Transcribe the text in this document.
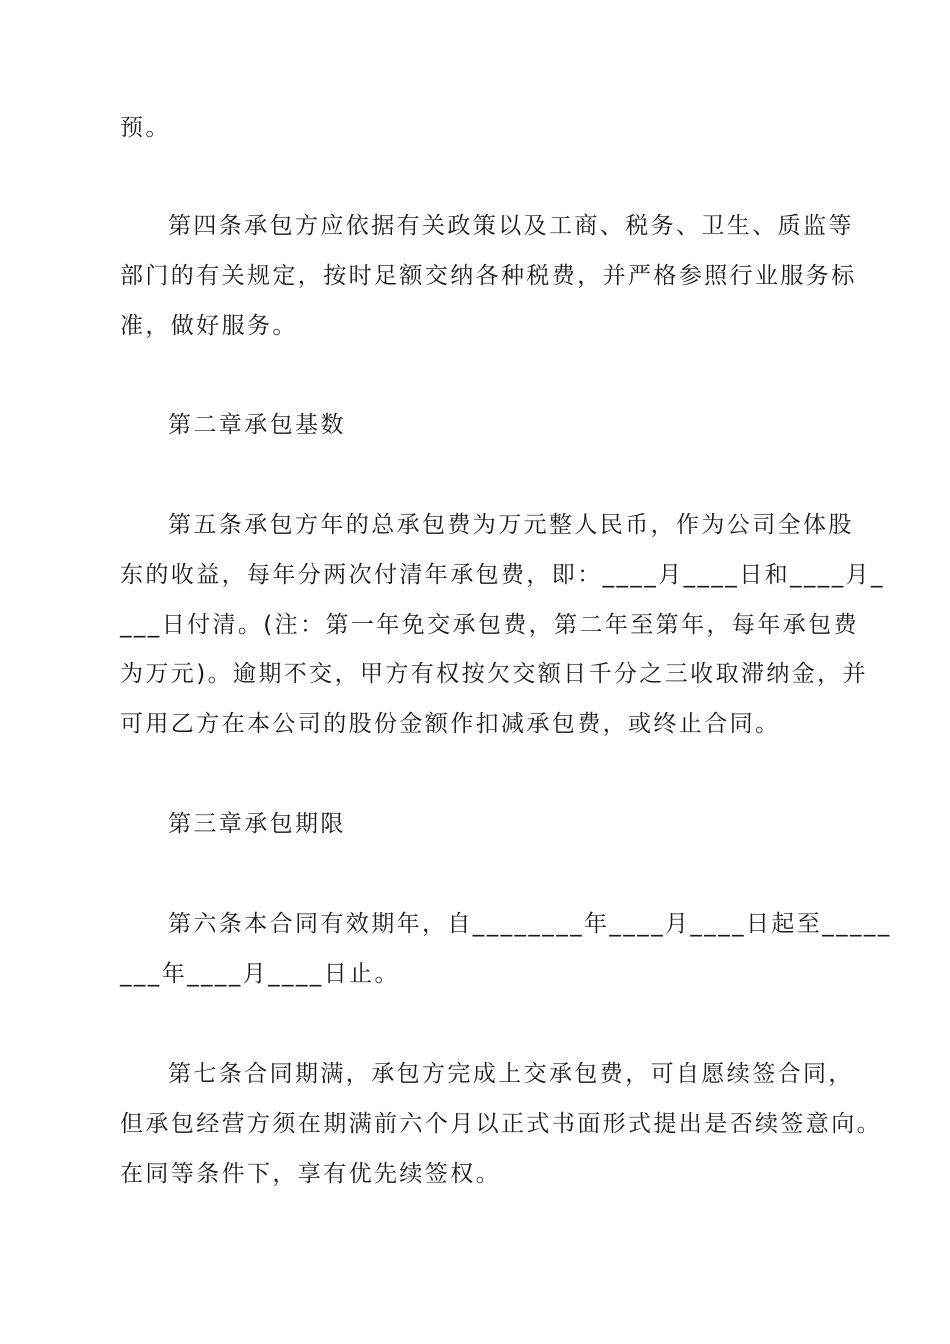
预。
第四条承包方应依据有关政策以及工商、税务、卫生、质监等
部门的有关规定，按时足额交纳各种税费，并严格参照行业服务标
准，做好服务。
第二章承包基数
第五条承包方年的总承包费为万元整人民币，作为公司全体股
东的收益，每年分两次付清年承包费，即：____月____日和____月_
___日付清。(注：第一年免交承包费，第二年至第年，每年承包费
为万元)。逾期不交，甲方有权按欠交额日千分之三收取滞纳金，并
可用乙方在本公司的股份金额作扣减承包费，或终止合同。
第三章承包期限
第六条本合同有效期年，自________年____月____日起至_____
___年____月____日止。
第七条合同期满，承包方完成上交承包费，可自愿续签合同，
但承包经营方须在期满前六个月以正式书面形式提出是否续签意向。
在同等条件下，享有优先续签权。
